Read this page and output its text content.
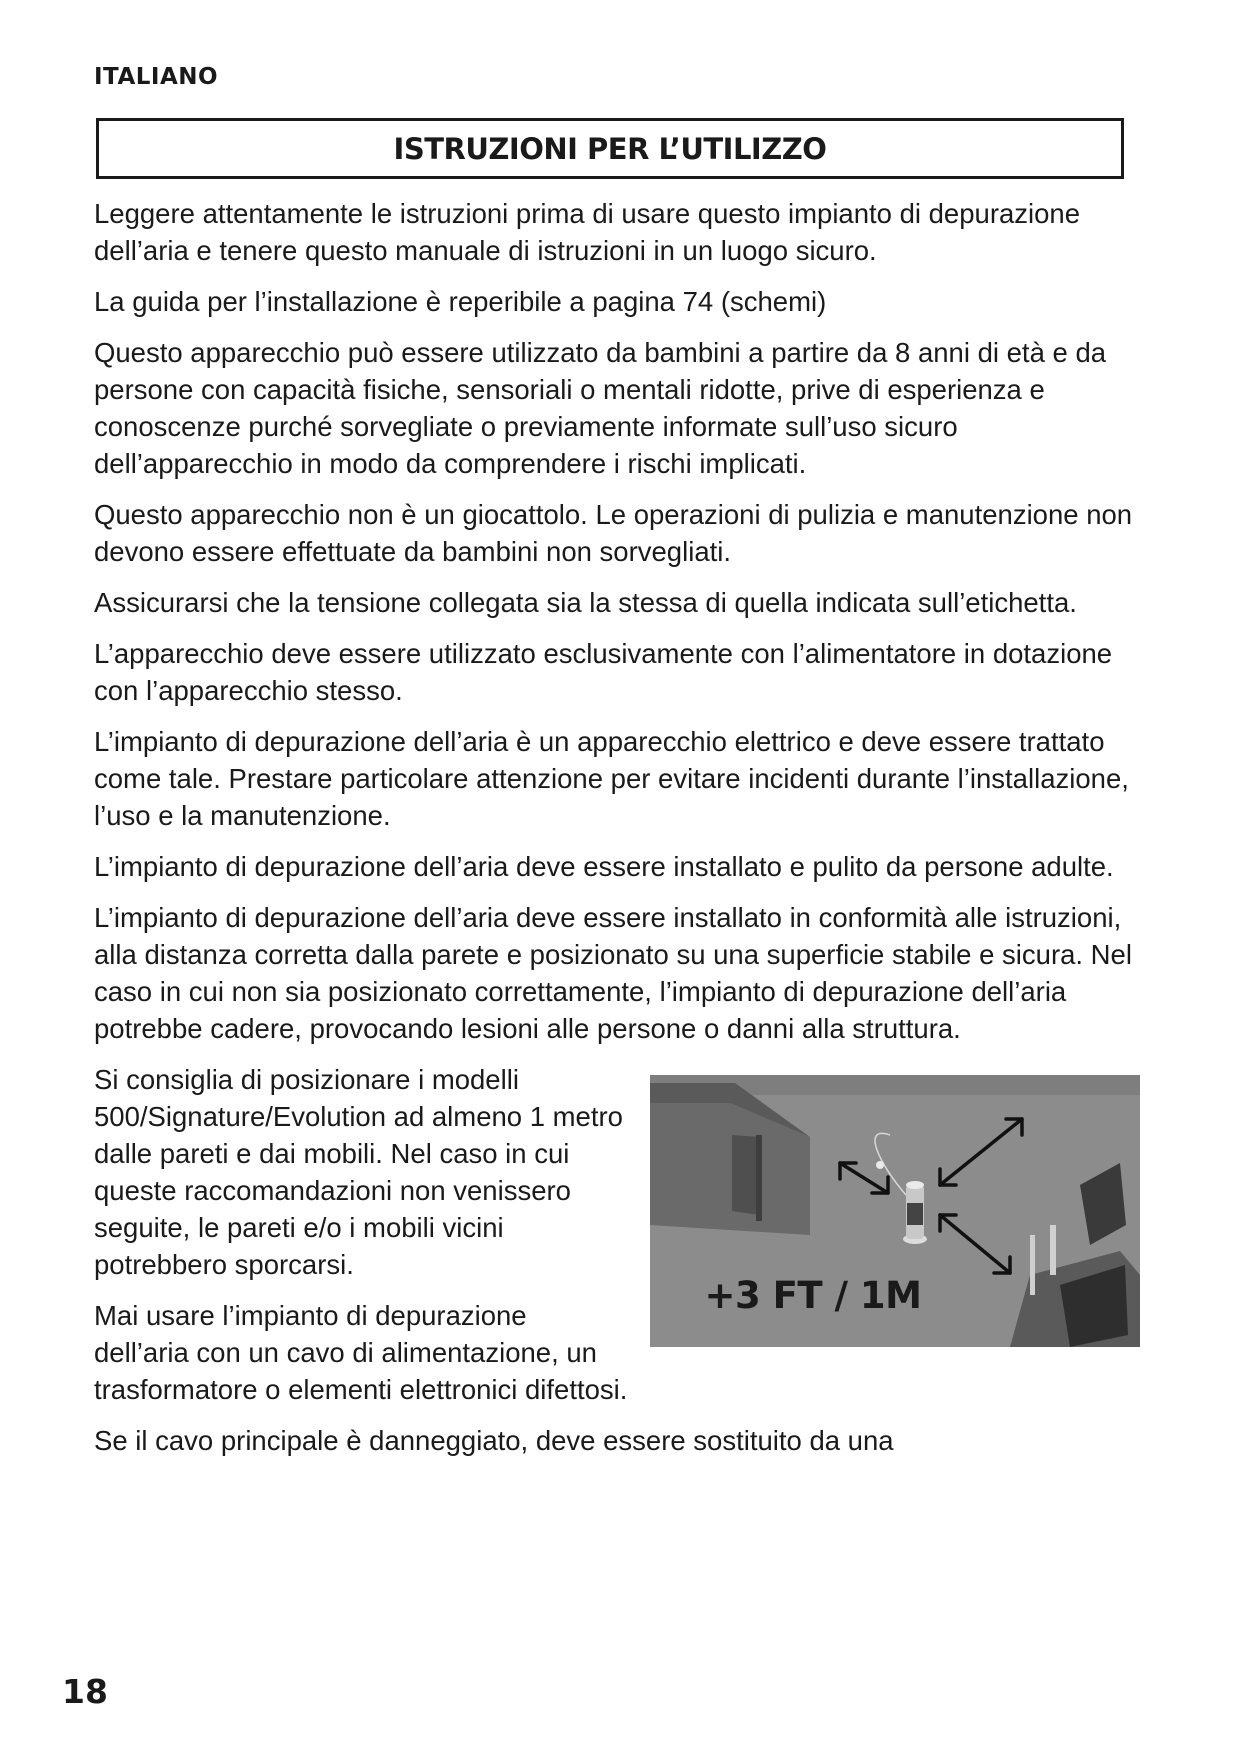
ITALIANO
ISTRUZIONI PER L’UTILIZZO

Leggere attentamente le istruzioni prima di usare questo impianto di depurazione dell’aria e tenere questo manuale di istruzioni in un luogo sicuro.

La guida per l’installazione è reperibile a pagina 74 (schemi)

Questo apparecchio può essere utilizzato da bambini a partire da 8 anni di età e da persone con capacità fisiche, sensoriali o mentali ridotte, prive di esperienza e conoscenze purché sorvegliate o previamente informate sull’uso sicuro dell’apparecchio in modo da comprendere i rischi implicati.

Questo apparecchio non è un giocattolo. Le operazioni di pulizia e manutenzione non devono essere effettuate da bambini non sorvegliati.

Assicurarsi che la tensione collegata sia la stessa di quella indicata sull’etichetta.

L’apparecchio deve essere utilizzato esclusivamente con l’alimentatore in dotazione con l’apparecchio stesso.

L’impianto di depurazione dell’aria è un apparecchio elettrico e deve essere trattato come tale. Prestare particolare attenzione per evitare incidenti durante l’installazione, l’uso e la manutenzione.

L’impianto di depurazione dell’aria deve essere installato e pulito da persone adulte.

L’impianto di depurazione dell’aria deve essere installato in conformità alle istruzioni, alla distanza corretta dalla parete e posizionato su una superficie stabile e sicura. Nel caso in cui non sia posizionato correttamente, l’impianto di depurazione dell’aria potrebbe cadere, provocando lesioni alle persone o danni alla struttura.

+3 FT / 1M

Si consiglia di posizionare i modelli 500/Signature/Evolution ad almeno 1 metro dalle pareti e dai mobili. Nel caso in cui queste raccomandazioni non venissero seguite, le pareti e/o i mobili vicini potrebbero sporcarsi.

Mai usare l’impianto di depurazione dell’aria con un cavo di alimentazione, un trasformatore o elementi elettronici difettosi.

Se il cavo principale è danneggiato, deve essere sostituito da una

18
